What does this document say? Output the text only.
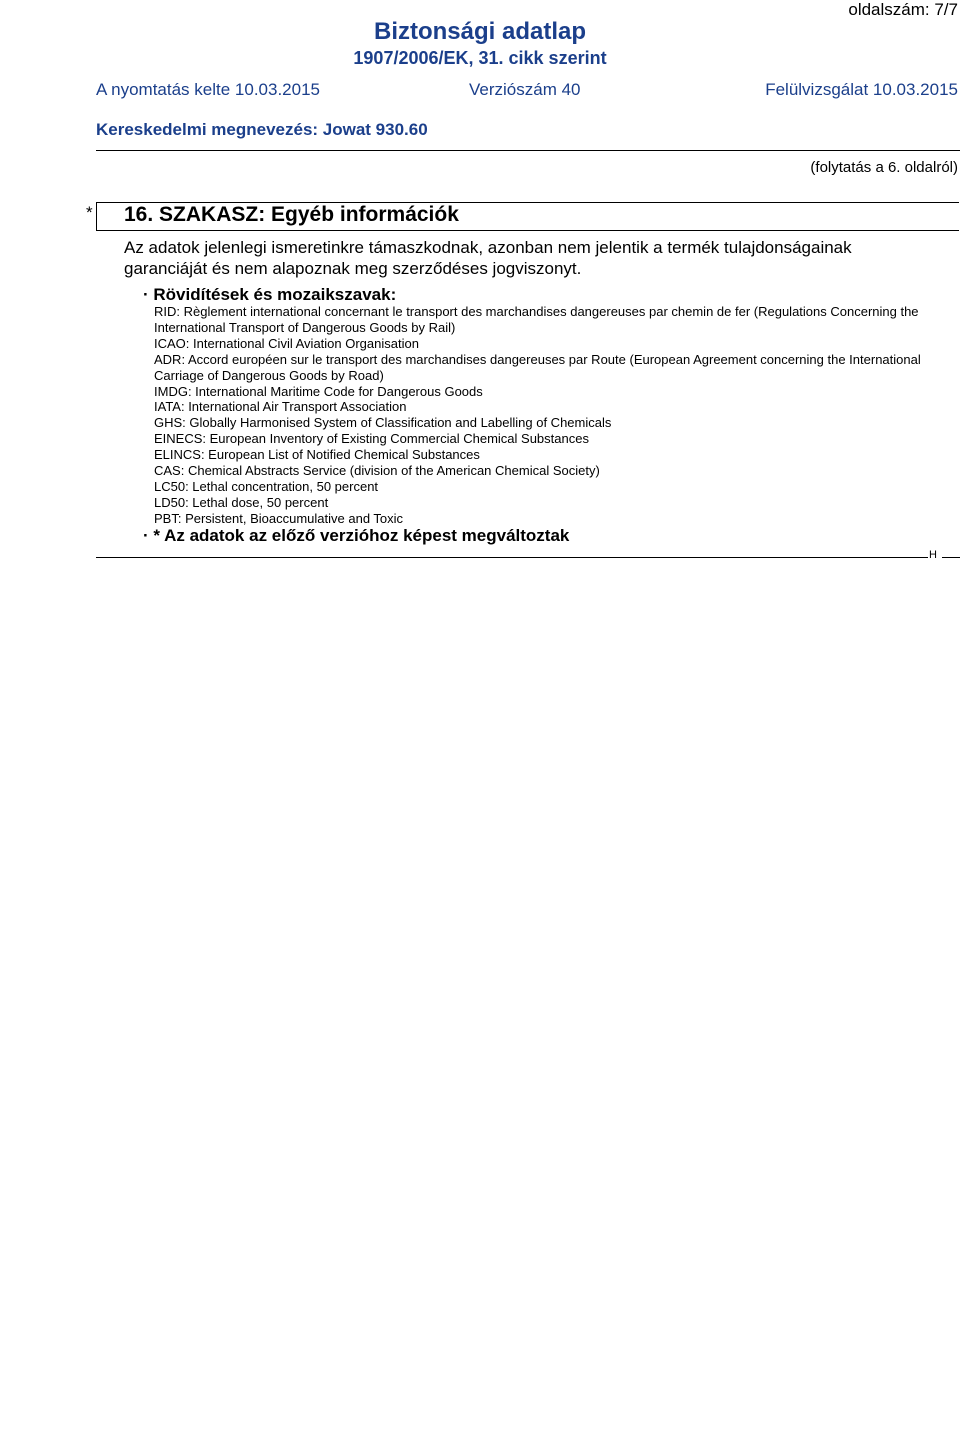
oldalszám: 7/7
Biztonsági adatlap
1907/2006/EK, 31. cikk szerint
A nyomtatás kelte 10.03.2015	Verziószám 40	Felülvizsgálat 10.03.2015
Kereskedelmi megnevezés: Jowat 930.60
(folytatás a 6. oldalról)
* 16. SZAKASZ: Egyéb információk
Az adatok jelenlegi ismeretinkre támaszkodnak, azonban nem jelentik a termék tulajdonságainak
garanciáját és nem alapoznak meg szerződéses jogviszonyt.
· Rövidítések és mozaikszavak:
RID: Règlement international concernant le transport des marchandises dangereuses par chemin de fer (Regulations Concerning the International Transport of Dangerous Goods by Rail)
ICAO: International Civil Aviation Organisation
ADR: Accord européen sur le transport des marchandises dangereuses par Route (European Agreement concerning the International Carriage of Dangerous Goods by Road)
IMDG: International Maritime Code for Dangerous Goods
IATA: International Air Transport Association
GHS: Globally Harmonised System of Classification and Labelling of Chemicals
EINECS: European Inventory of Existing Commercial Chemical Substances
ELINCS: European List of Notified Chemical Substances
CAS: Chemical Abstracts Service (division of the American Chemical Society)
LC50: Lethal concentration, 50 percent
LD50: Lethal dose, 50 percent
PBT: Persistent, Bioaccumulative and Toxic
· * Az adatok az előző verzióhoz képest megváltoztak
H
